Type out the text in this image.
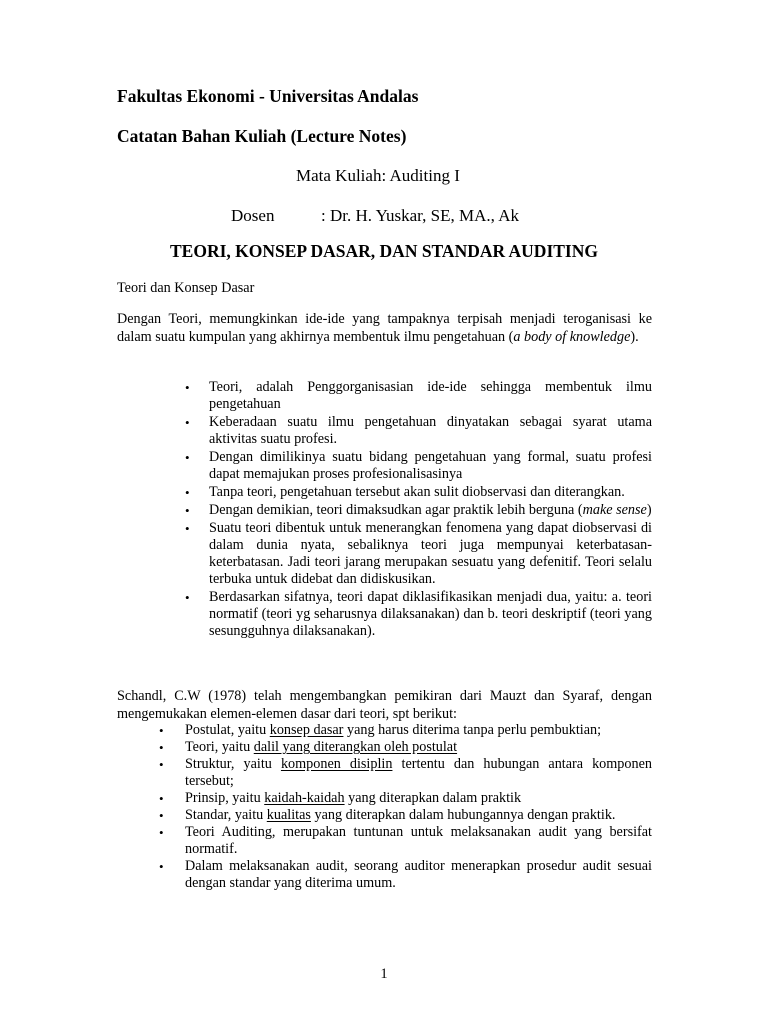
Fakultas Ekonomi - Universitas Andalas
Catatan Bahan Kuliah (Lecture Notes)
Mata Kuliah: Auditing I
Dosen	: Dr. H. Yuskar, SE, MA., Ak
TEORI, KONSEP DASAR, DAN STANDAR AUDITING
Teori dan Konsep Dasar
Dengan Teori, memungkinkan ide-ide yang tampaknya terpisah menjadi teroganisasi ke dalam suatu kumpulan yang akhirnya membentuk ilmu pengetahuan (a body of knowledge).
• Teori, adalah Penggorganisasian ide-ide sehingga membentuk ilmu pengetahuan
• Keberadaan suatu ilmu pengetahuan dinyatakan sebagai syarat utama aktivitas suatu profesi.
• Dengan dimilikinya suatu bidang pengetahuan yang formal, suatu profesi dapat memajukan proses profesionalisasinya
• Tanpa teori, pengetahuan tersebut akan sulit diobservasi dan diterangkan.
• Dengan demikian, teori dimaksudkan agar praktik lebih berguna (make sense)
• Suatu teori dibentuk untuk menerangkan fenomena yang dapat diobservasi di dalam dunia nyata, sebaliknya teori juga mempunyai keterbatasan-keterbatasan. Jadi teori jarang merupakan sesuatu yang defenitif. Teori selalu terbuka untuk didebat dan didiskusikan.
• Berdasarkan sifatnya, teori dapat diklasifikasikan menjadi dua, yaitu: a. teori normatif (teori yg seharusnya dilaksanakan) dan b. teori deskriptif (teori yang sesungguhnya dilaksanakan).
Schandl, C.W (1978) telah mengembangkan pemikiran dari Mauzt dan Syaraf, dengan mengemukakan elemen-elemen dasar dari teori, spt berikut:
• Postulat, yaitu konsep dasar yang harus diterima tanpa perlu pembuktian;
• Teori, yaitu dalil yang diterangkan oleh postulat
• Struktur, yaitu komponen disiplin tertentu dan hubungan antara komponen tersebut;
• Prinsip, yaitu kaidah-kaidah yang diterapkan dalam praktik
• Standar, yaitu kualitas yang diterapkan dalam hubungannya dengan praktik.
• Teori Auditing, merupakan tuntunan untuk melaksanakan audit yang bersifat normatif.
• Dalam melaksanakan audit, seorang auditor menerapkan prosedur audit sesuai dengan standar yang diterima umum.
1
